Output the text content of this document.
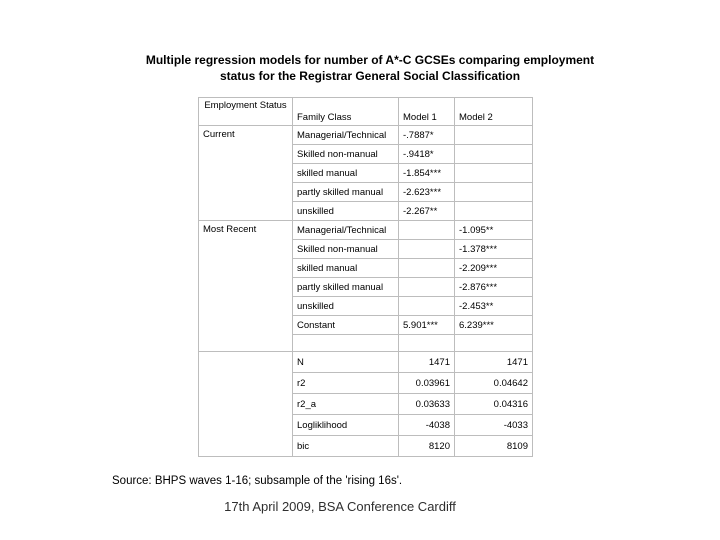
Multiple regression models for number of A*-C GCSEs comparing employment
status for the Registrar General Social Classification
Employment Status	Family Class	Model 1	Model 2
Current	Managerial/Technical	-.7887*	
	Skilled non-manual	-.9418*	
	skilled manual	-1.854***	
	partly skilled manual	-2.623***	
	unskilled	-2.267**	
Most Recent	Managerial/Technical		-1.095**
	Skilled non-manual		-1.378***
	skilled manual		-2.209***
	partly skilled manual		-2.876***
	unskilled		-2.453**
	Constant	5.901***	6.239***

	N	1471	1471
	r2	0.03961	0.04642
	r2_a	0.03633	0.04316
	Logliklihood	-4038	-4033
	bic	8120	8109
Source: BHPS waves 1-16; subsample of the 'rising 16s'.
17th April 2009, BSA Conference Cardiff
